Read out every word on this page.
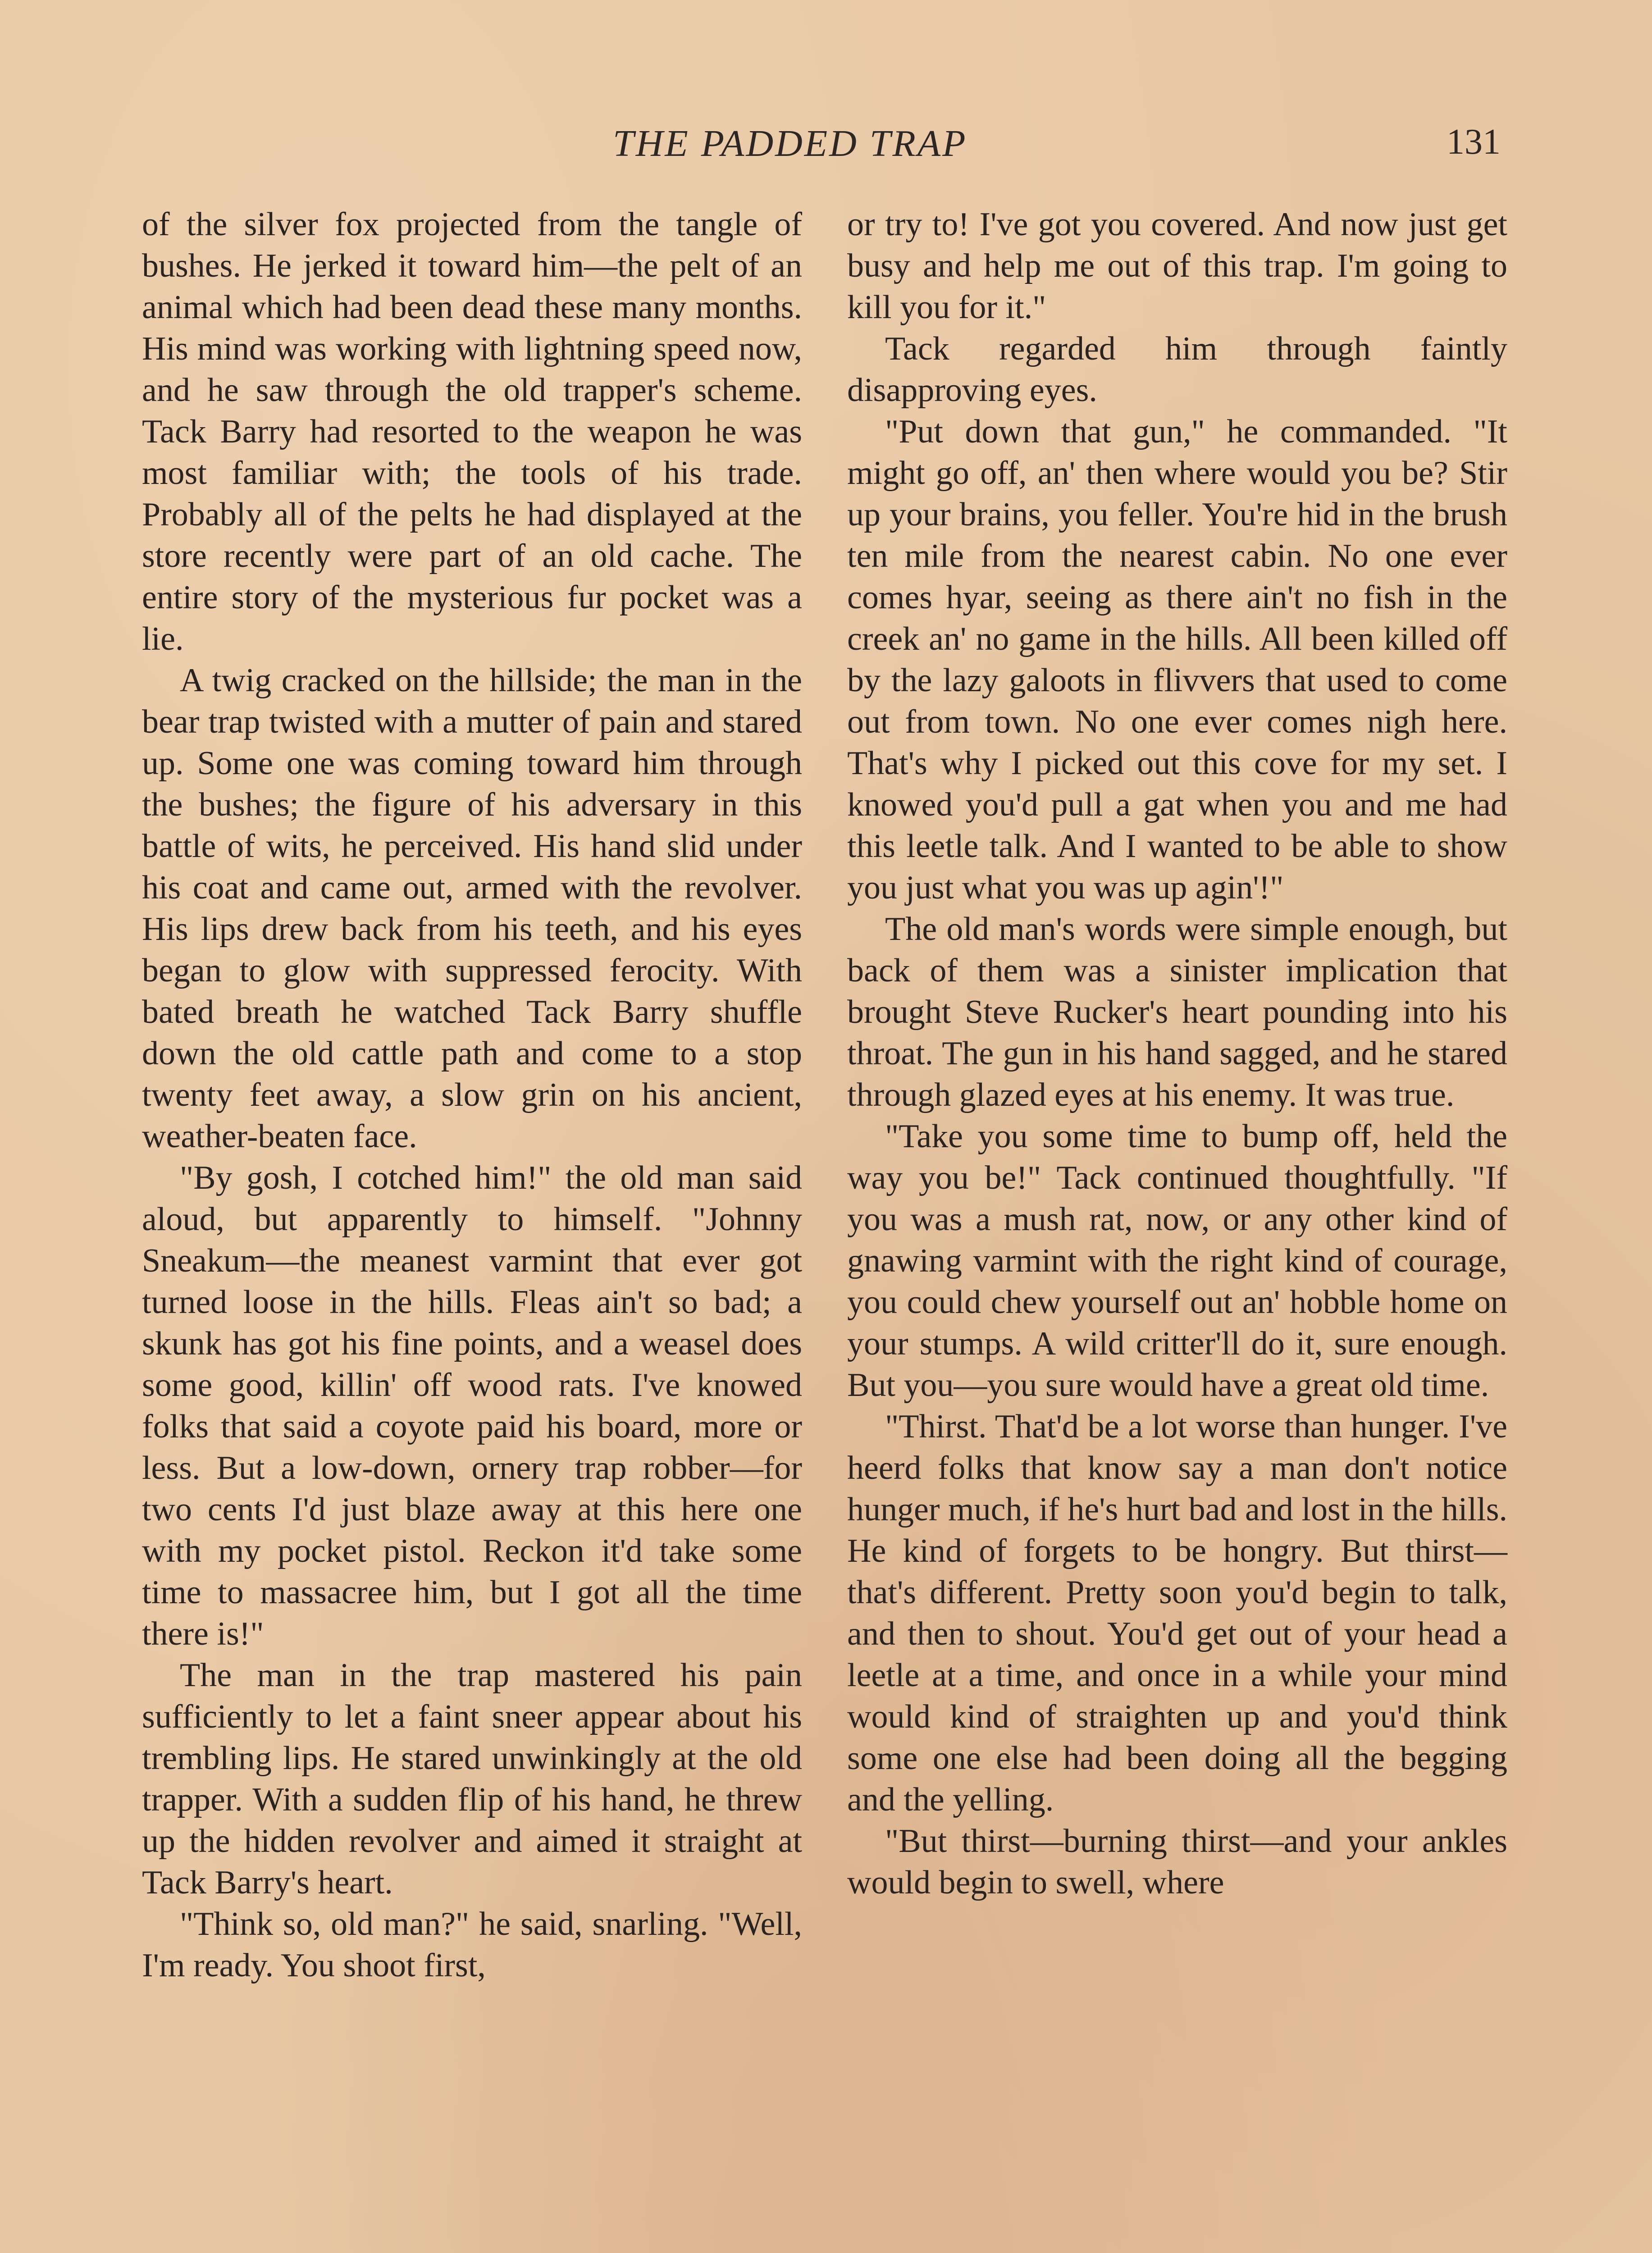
THE PADDED TRAP	131

of the silver fox projected from the tangle of bushes. He jerked it toward him—the pelt of an animal which had been dead these many months. His mind was working with lightning speed now, and he saw through the old trapper's scheme. Tack Barry had resorted to the weapon he was most familiar with; the tools of his trade. Probably all of the pelts he had displayed at the store recently were part of an old cache. The entire story of the mysterious fur pocket was a lie.

A twig cracked on the hillside; the man in the bear trap twisted with a mutter of pain and stared up. Some one was coming toward him through the bushes; the figure of his adversary in this battle of wits, he perceived. His hand slid under his coat and came out, armed with the revolver. His lips drew back from his teeth, and his eyes began to glow with suppressed ferocity. With bated breath he watched Tack Barry shuffle down the old cattle path and come to a stop twenty feet away, a slow grin on his ancient, weather-beaten face.

"By gosh, I cotched him!" the old man said aloud, but apparently to himself. "Johnny Sneakum—the meanest varmint that ever got turned loose in the hills. Fleas ain't so bad; a skunk has got his fine points, and a weasel does some good, killin' off wood rats. I've knowed folks that said a coyote paid his board, more or less. But a low-down, ornery trap robber—for two cents I'd just blaze away at this here one with my pocket pistol. Reckon it'd take some time to massacree him, but I got all the time there is!"

The man in the trap mastered his pain sufficiently to let a faint sneer appear about his trembling lips. He stared unwinkingly at the old trapper. With a sudden flip of his hand, he threw up the hidden revolver and aimed it straight at Tack Barry's heart.

"Think so, old man?" he said, snarling. "Well, I'm ready. You shoot first,

or try to! I've got you covered. And now just get busy and help me out of this trap. I'm going to kill you for it."

Tack regarded him through faintly disapproving eyes.

"Put down that gun," he commanded. "It might go off, an' then where would you be? Stir up your brains, you feller. You're hid in the brush ten mile from the nearest cabin. No one ever comes hyar, seeing as there ain't no fish in the creek an' no game in the hills. All been killed off by the lazy galoots in flivvers that used to come out from town. No one ever comes nigh here. That's why I picked out this cove for my set. I knowed you'd pull a gat when you and me had this leetle talk. And I wanted to be able to show you just what you was up agin'!"

The old man's words were simple enough, but back of them was a sinister implication that brought Steve Rucker's heart pounding into his throat. The gun in his hand sagged, and he stared through glazed eyes at his enemy. It was true.

"Take you some time to bump off, held the way you be!" Tack continued thoughtfully. "If you was a mush rat, now, or any other kind of gnawing varmint with the right kind of courage, you could chew yourself out an' hobble home on your stumps. A wild critter'll do it, sure enough. But you—you sure would have a great old time.

"Thirst. That'd be a lot worse than hunger. I've heerd folks that know say a man don't notice hunger much, if he's hurt bad and lost in the hills. He kind of forgets to be hongry. But thirst—that's different. Pretty soon you'd begin to talk, and then to shout. You'd get out of your head a leetle at a time, and once in a while your mind would kind of straighten up and you'd think some one else had been doing all the begging and the yelling.

"But thirst—burning thirst—and your ankles would begin to swell, where
